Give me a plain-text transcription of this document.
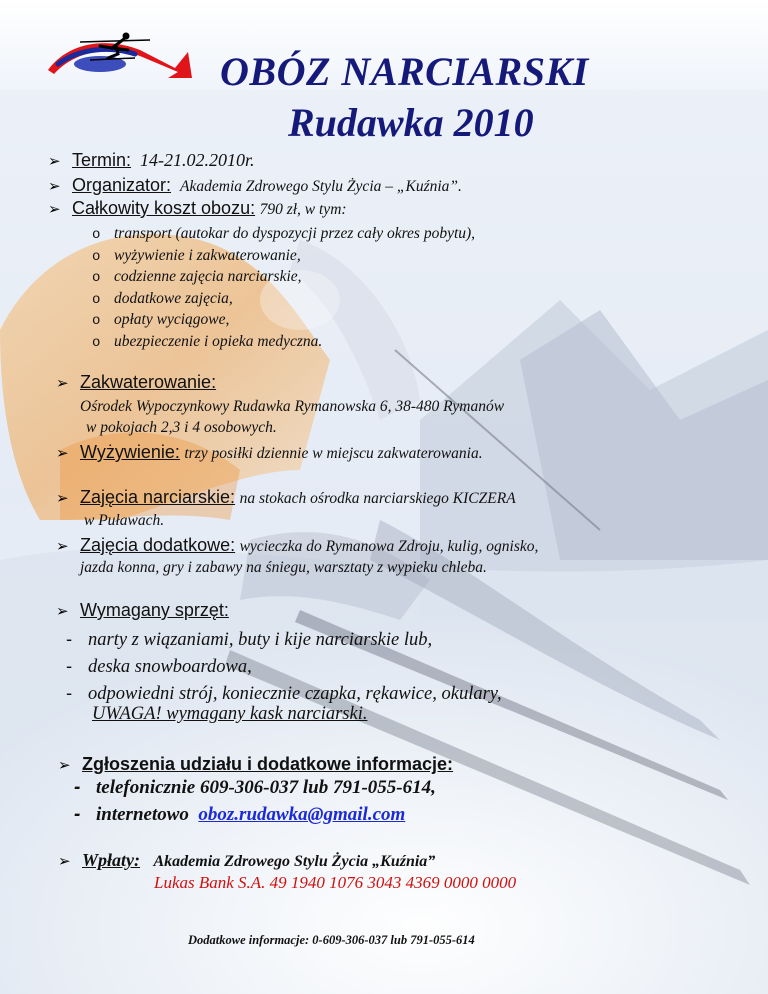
OBÓZ NARCIARSKI
Rudawka 2010
➢ Termin: 14-21.02.2010r.
➢ Organizator: Akademia Zdrowego Stylu Życia – „Kuźnia”.
➢ Całkowity koszt obozu: 790 zł, w tym:
o transport (autokar do dyspozycji przez cały okres pobytu),
o wyżywienie i zakwaterowanie,
o codzienne zajęcia narciarskie,
o dodatkowe zajęcia,
o opłaty wyciągowe,
o ubezpieczenie i opieka medyczna.
➢ Zakwaterowanie:
Ośrodek Wypoczynkowy Rudawka Rymanowska 6, 38-480 Rymanów
w pokojach 2,3 i 4 osobowych.
➢ Wyżywienie: trzy posiłki dziennie w miejscu zakwaterowania.
➢ Zajęcia narciarskie: na stokach ośrodka narciarskiego KICZERA
w Puławach.
➢ Zajęcia dodatkowe: wycieczka do Rymanowa Zdroju, kulig, ognisko,
jazda konna, gry i zabawy na śniegu, warsztaty z wypieku chleba.
➢ Wymagany sprzęt:
- narty z wiązaniami, buty i kije narciarskie lub,
- deska snowboardowa,
- odpowiedni strój, koniecznie czapka, rękawice, okulary,
UWAGA! wymagany kask narciarski.
➢ Zgłoszenia udziału i dodatkowe informacje:
- telefonicznie 609-306-037 lub 791-055-614,
- internetowo oboz.rudawka@gmail.com
➢ Wpłaty: Akademia Zdrowego Stylu Życia „Kuźnia”
Lukas Bank S.A. 49 1940 1076 3043 4369 0000 0000
Dodatkowe informacje: 0-609-306-037 lub 791-055-614
